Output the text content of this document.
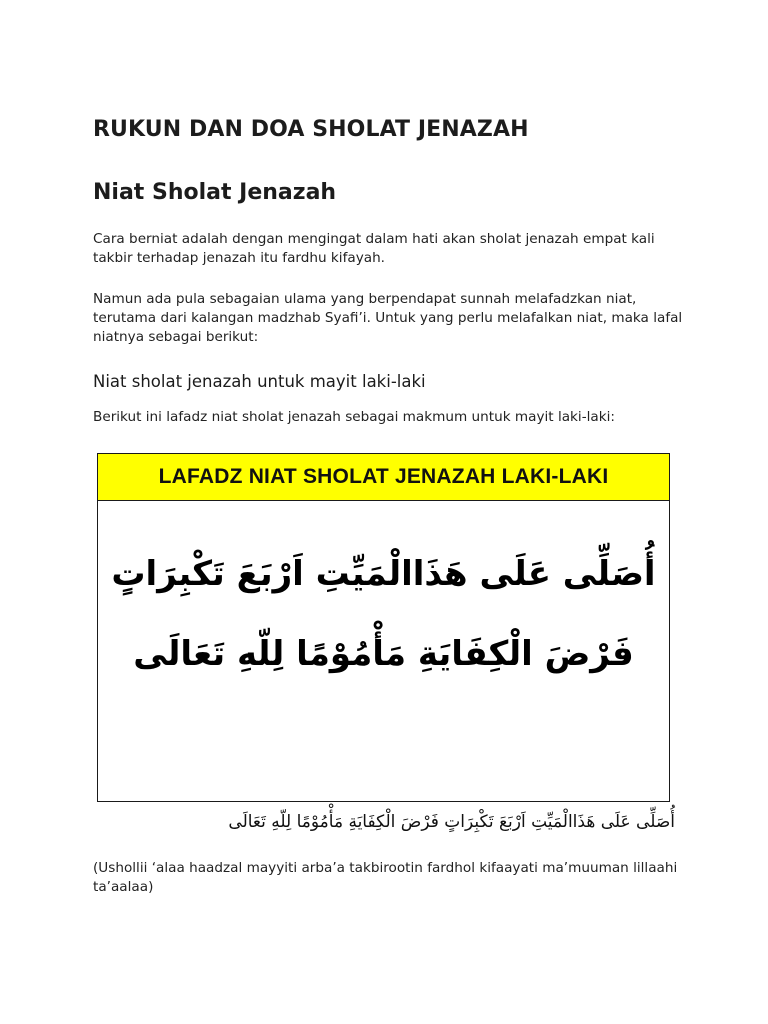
RUKUN DAN DOA SHOLAT JENAZAH
Niat Sholat Jenazah

Cara berniat adalah dengan mengingat dalam hati akan sholat jenazah empat kali takbir terhadap jenazah itu fardhu kifayah.

Namun ada pula sebagaian ulama yang berpendapat sunnah melafadzkan niat, terutama dari kalangan madzhab Syafi’i. Untuk yang perlu melafalkan niat, maka lafal niatnya sebagai berikut:

Niat sholat jenazah untuk mayit laki-laki

Berikut ini lafadz niat sholat jenazah sebagai makmum untuk mayit laki-laki:

LAFADZ NIAT SHOLAT JENAZAH LAKI-LAKI
أُصَلِّى عَلَى هَذَاالْمَيِّتِ اَرْبَعَ تَكْبِرَاتٍ
فَرْضَ الْكِفَايَةِ مَأْمُوْمًا لِلّهِ تَعَالَى
أُصَلِّى عَلَى هَذَاالْمَيِّتِ اَرْبَعَ تَكْبِرَاتٍ فَرْضَ الْكِفَايَةِ مَأْمُوْمًا لِلّهِ تَعَالَى

(Ushollii ‘alaa haadzal mayyiti arba’a takbirootin fardhol kifaayati ma’muuman lillaahi ta’aalaa)
